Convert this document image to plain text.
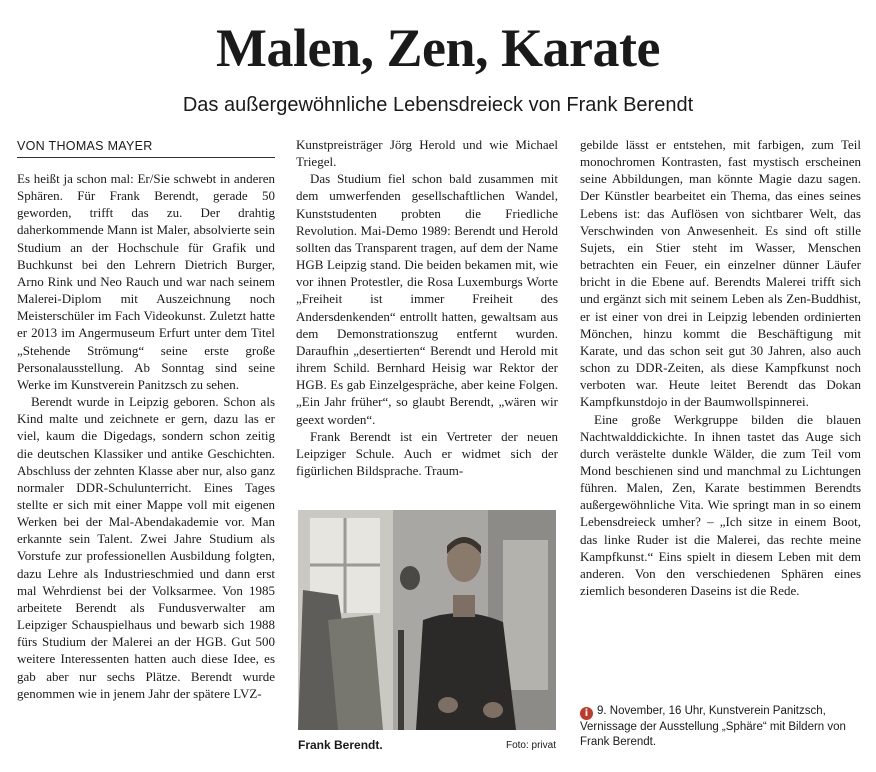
Malen, Zen, Karate
Das außergewöhnliche Lebensdreieck von Frank Berendt
VON THOMAS MAYER

Es heißt ja schon mal: Er/Sie schwebt in anderen Sphären. Für Frank Berendt, gerade 50 geworden, trifft das zu. Der drahtig daherkommende Mann ist Maler, absolvierte sein Studium an der Hochschule für Grafik und Buchkunst bei den Lehrern Dietrich Burger, Arno Rink und Neo Rauch und war nach seinem Malerei-Diplom mit Auszeichnung noch Meisterschüler im Fach Videokunst. Zuletzt hatte er 2013 im Angermuseum Erfurt unter dem Titel „Stehende Strömung“ seine erste große Personalausstellung. Ab Sonntag sind seine Werke im Kunstverein Panitzsch zu sehen.

Berendt wurde in Leipzig geboren. Schon als Kind malte und zeichnete er gern, dazu las er viel, kaum die Digedags, sondern schon zeitig die deutschen Klassiker und antike Geschichten. Abschluss der zehnten Klasse aber nur, also ganz normaler DDR-Schulunterricht. Eines Tages stellte er sich mit einer Mappe voll mit eigenen Werken bei der Mal-Abendakademie vor. Man erkannte sein Talent. Zwei Jahre Studium als Vorstufe zur professionellen Ausbildung folgten, dazu Lehre als Industrieschmied und dann erst mal Wehrdienst bei der Volksarmee. Von 1985 arbeitete Berendt als Fundusverwalter am Leipziger Schauspielhaus und bewarb sich 1988 fürs Studium der Malerei an der HGB. Gut 500 weitere Interessenten hatten auch diese Idee, es gab aber nur sechs Plätze. Berendt wurde genommen wie in jenem Jahr der spätere LVZ-

Kunstpreisträger Jörg Herold und wie Michael Triegel.

Das Studium fiel schon bald zusammen mit dem umwerfenden gesellschaftlichen Wandel, Kunststudenten probten die Friedliche Revolution. Mai-Demo 1989: Berendt und Herold sollten das Transparent tragen, auf dem der Name HGB Leipzig stand. Die beiden bekamen mit, wie vor ihnen Protestler, die Rosa Luxemburgs Worte „Freiheit ist immer Freiheit des Andersdenkenden“ entrollt hatten, gewaltsam aus dem Demonstrationszug entfernt wurden. Daraufhin „desertierten“ Berendt und Herold mit ihrem Schild. Bernhard Heisig war Rektor der HGB. Es gab Einzelgespräche, aber keine Folgen. „Ein Jahr früher“, so glaubt Berendt, „wären wir geext worden“.

Frank Berendt ist ein Vertreter der neuen Leipziger Schule. Auch er widmet sich der figürlichen Bildsprache. Traum-

Frank Berendt.	Foto: privat

gebilde lässt er entstehen, mit farbigen, zum Teil monochromen Kontrasten, fast mystisch erscheinen seine Abbildungen, man könnte Magie dazu sagen. Der Künstler bearbeitet ein Thema, das eines seines Lebens ist: das Auflösen von sichtbarer Welt, das Verschwinden von Anwesenheit. Es sind oft stille Sujets, ein Stier steht im Wasser, Menschen betrachten ein Feuer, ein einzelner dünner Läufer bricht in die Ebene auf. Berendts Malerei trifft sich und ergänzt sich mit seinem Leben als Zen-Buddhist, er ist einer von drei in Leipzig lebenden ordinierten Mönchen, hinzu kommt die Beschäftigung mit Karate, und das schon seit gut 30 Jahren, also auch schon zu DDR-Zeiten, als diese Kampfkunst noch verboten war. Heute leitet Berendt das Dokan Kampfkunstdojo in der Baumwollspinnerei.

Eine große Werkgruppe bilden die blauen Nachtwalddickichte. In ihnen tastet das Auge sich durch verästelte dunkle Wälder, die zum Teil vom Mond beschienen sind und manchmal zu Lichtungen führen. Malen, Zen, Karate bestimmen Berendts außergewöhnliche Vita. Wie springt man in so einem Lebensdreieck umher? – „Ich sitze in einem Boot, das linke Ruder ist die Malerei, das rechte meine Kampfkunst.“ Eins spielt in diesem Leben mit dem anderen. Von den verschiedenen Sphären eines ziemlich besonderen Daseins ist die Rede.

i 9. November, 16 Uhr, Kunstverein Panitzsch, Vernissage der Ausstellung „Sphäre“ mit Bildern von Frank Berendt.
